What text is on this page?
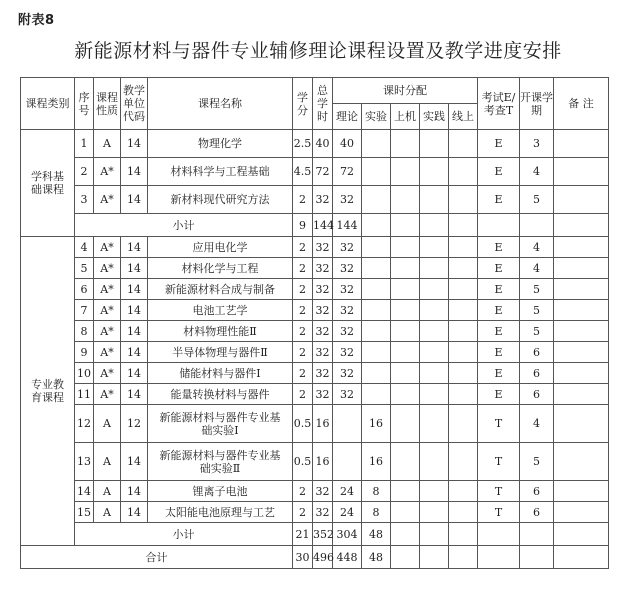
附表8
新能源材料与器件专业辅修理论课程设置及教学进度安排
课程类别	序号	课程性质	教学单位代码	课程名称	学分	总学时	课时分配					考试E/考查T	开课学期	备 注
							理论	实验	上机	实践	线上			
学科基础课程	1	A	14	物理化学	2.5	40	40					E	3	
	2	A*	14	材料科学与工程基础	4.5	72	72					E	4	
	3	A*	14	新材料现代研究方法	2	32	32					E	5	
	小计				9	144	144							
专业教育课程	4	A*	14	应用电化学	2	32	32					E	4	
	5	A*	14	材料化学与工程	2	32	32					E	4	
	6	A*	14	新能源材料合成与制备	2	32	32					E	5	
	7	A*	14	电池工艺学	2	32	32					E	5	
	8	A*	14	材料物理性能Ⅱ	2	32	32					E	5	
	9	A*	14	半导体物理与器件Ⅱ	2	32	32					E	6	
	10	A*	14	储能材料与器件Ⅰ	2	32	32					E	6	
	11	A*	14	能量转换材料与器件	2	32	32					E	6	
	12	A	12	新能源材料与器件专业基础实验Ⅰ	0.5	16		16				T	4	
	13	A	14	新能源材料与器件专业基础实验Ⅱ	0.5	16		16				T	5	
	14	A	14	锂离子电池	2	32	24	8				T	6	
	15	A	14	太阳能电池原理与工艺	2	32	24	8				T	6	
	小计				21	352	304	48						
合计					30	496	448	48						
